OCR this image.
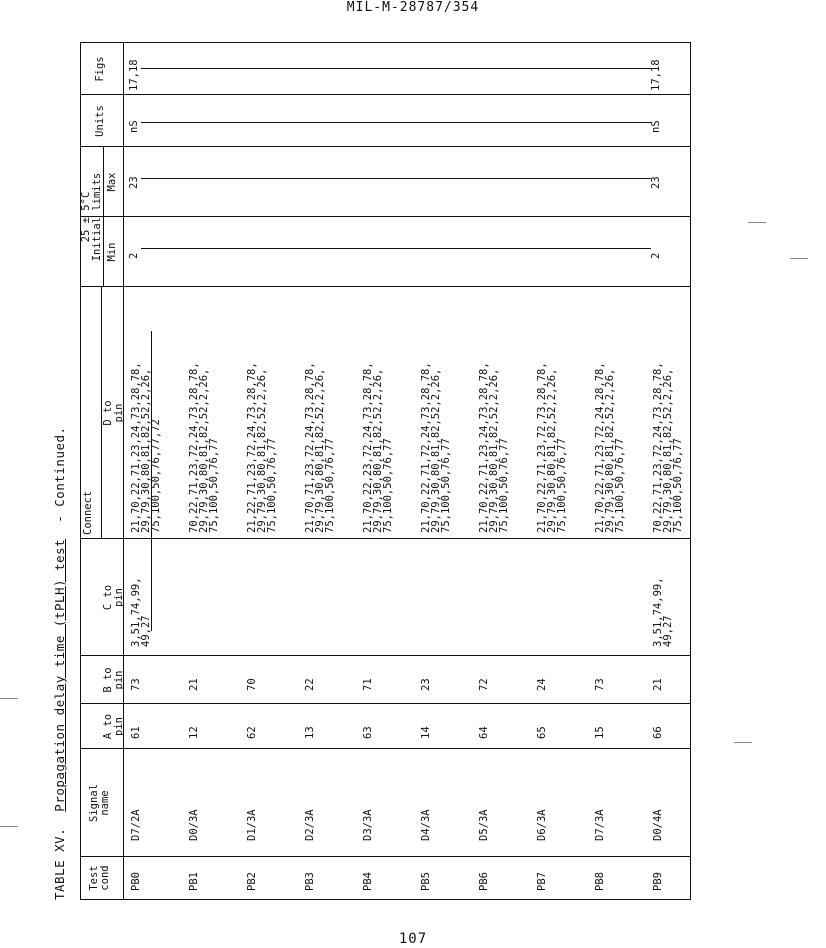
MIL-M-28787/354
TABLE XV.  Propagation delay time (tPLH) test  - Continued.
Test
cond
Signal
name
A to
pin
B to
pin
C to
pin
Connect
D to
pin
25 ± 5°C
Initial limits
Min
Max
Units
Figs
PB0
D7/2A
61
73
3,51,74,99,
49,27
21,70,22,71,23,24,73,28,78,
29,79,30,80,81,82,52,2,26,
75,100,50,76,77,72
PB1
D0/3A
12
21
70,22,71,23,72,24,73,28,78,
29,79,30,80,81,82,52,2,26,
75,100,50,76,77
PB2
D1/3A
62
70
21,22,71,23,72,24,73,28,78,
29,79,30,80,81,82,52,2,26,
75,100,50,76,77
PB3
D2/3A
13
22
21,70,71,23,72,24,73,28,78,
29,79,30,80,81,82,52,2,26,
75,100,50,76,77
PB4
D3/3A
63
71
21,70,22,23,72,24,73,28,78,
29,79,30,80,81,82,52,2,26,
75,100,50,76,77
PB5
D4/3A
14
23
21,70,22,71,72,24,73,28,78,
29,79,30,80,81,82,52,2,26,
75,100,50,76,77
PB6
D5/3A
64
72
21,70,22,71,23,24,73,28,78,
29,79,30,80,81,82,52,2,26,
75,100,50,76,77
PB7
D6/3A
65
24
21,70,22,71,23,72,73,28,78,
29,79,30,80,81,82,52,2,26,
75,100,50,76,77
PB8
D7/3A
15
73
21,70,22,71,23,72,24,28,78,
29,79,30,80,81,82,52,2,26,
75,100,50,76,77
PB9
D0/4A
66
21
3,51,74,99,
49,27
70,22,71,23,72,24,73,28,78,
29,79,30,80,81,82,52,2,26,
75,100,50,76,77
2
23
nS
17,18
2
23
nS
17,18
107
